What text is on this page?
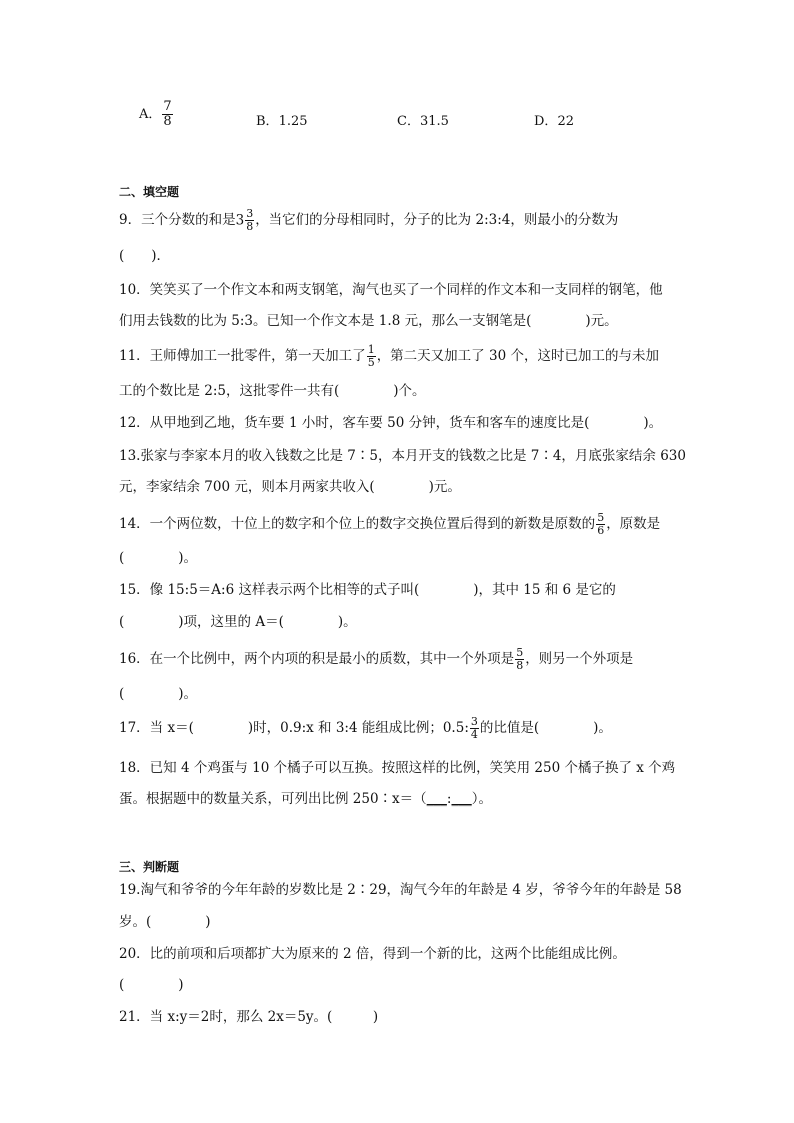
A． $\frac{7}{8}$	B．1.25	C．31.5	D．22
二、填空题
9．三个分数的和是$3 \frac{3}{8}$ ，当它们的分母相同时，分子的比为 2:3:4，则最小的分数为
(　　)．
10．笑笑买了一个作文本和两支钢笔，淘气也买了一个同样的作文本和一支同样的钢笔，他
们用去钱数的比为 5:3。已知一个作文本是 1.8 元，那么一支钢笔是(　　　　)元。
11．王师傅加工一批零件，第一天加工了 $\frac{1}{5}$ ，第二天又加工了 30 个，这时已加工的与未加
工的个数比是 2:5，这批零件一共有(　　　　)个。
12．从甲地到乙地，货车要 1 小时，客车要 50 分钟，货车和客车的速度比是(　　　　)。
13.张家与李家本月的收入钱数之比是 7∶5，本月开支的钱数之比是 7∶4，月底张家结余 630
元，李家结余 700 元，则本月两家共收入(　　　　)元。
14．一个两位数，十位上的数字和个位上的数字交换位置后得到的新数是原数的 $\frac{5}{6}$ ，原数是
(　　　　)。
15．像 15:5＝A:6 这样表示两个比相等的式子叫(　　　　)，其中 15 和 6 是它的
(　　　　)项，这里的 A＝(　　　　)。
16．在一个比例中，两个内项的积是最小的质数，其中一个外项是 $\frac{5}{8}$ ，则另一个外项是
(　　　　)。
17．当 x＝(　　　　)时，0.9:x 和 3:4 能组成比例；0.5: $\frac{3}{4}$ 的比值是(　　　　)。
18．已知 4 个鸡蛋与 10 个橘子可以互换。按照这样的比例，笑笑用 250 个橘子换了 x 个鸡
蛋。根据题中的数量关系，可列出比例 250∶x＝（___:___）。
三、判断题
19.淘气和爷爷的今年年龄的岁数比是 2∶29，淘气今年的年龄是 4 岁，爷爷今年的年龄是 58
岁。(　　　　)
20．比的前项和后项都扩大为原来的 2 倍，得到一个新的比，这两个比能组成比例。
(　　　　)
21．当 x:y＝2时，那么 2x＝5y。(　　　)
